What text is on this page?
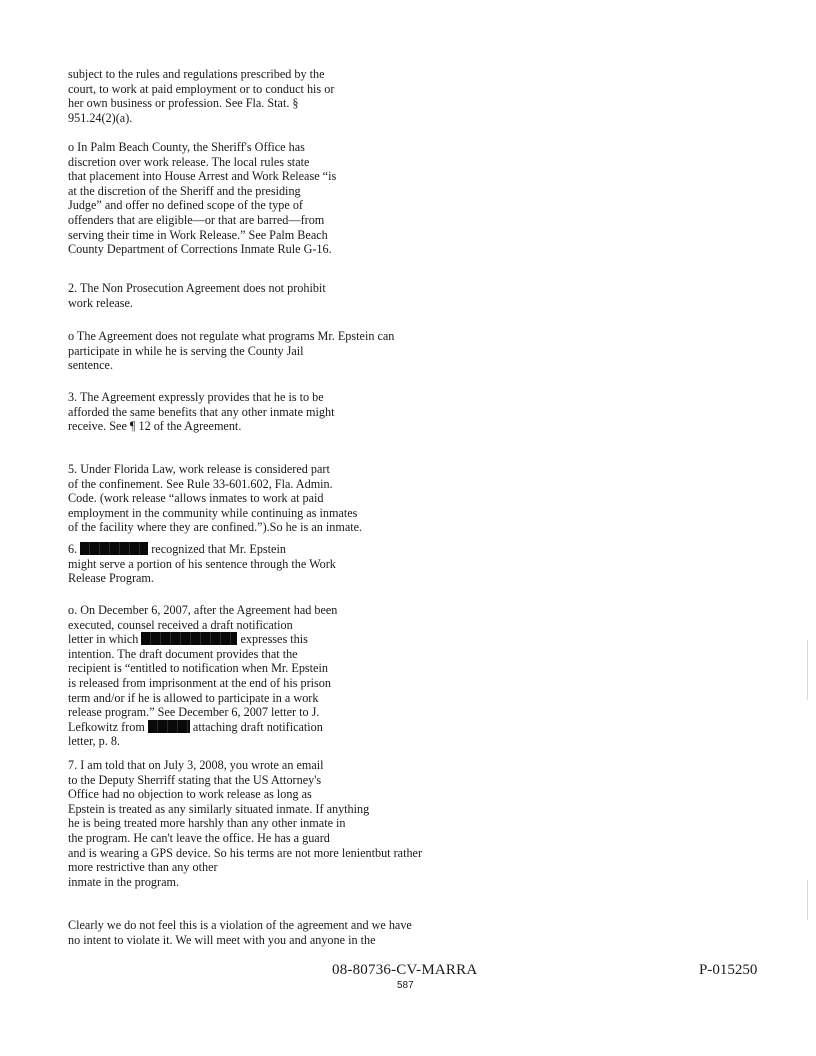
subject to the rules and regulations prescribed by the
court, to work at paid employment or to conduct his or
her own business or profession. See Fla. Stat. §
951.24(2)(a).
o In Palm Beach County, the Sheriff's Office has
discretion over work release. The local rules state
that placement into House Arrest and Work Release “is
at the discretion of the Sheriff and the presiding
Judge” and offer no defined scope of the type of
offenders that are eligible—or that are barred—from
serving their time in Work Release.” See Palm Beach
County Department of Corrections Inmate Rule G-16.
2. The Non Prosecution Agreement does not prohibit
work release.
o The Agreement does not regulate what programs Mr. Epstein can
participate in while he is serving the County Jail
sentence.
3. The Agreement expressly provides that he is to be
afforded the same benefits that any other inmate might
receive. See ¶ 12 of the Agreement.
5. Under Florida Law, work release is considered part
of the confinement. See Rule 33-601.602, Fla. Admin.
Code. (work release “allows inmates to work at paid
employment in the community while continuing as inmates
of the facility where they are confined.”).So he is an inmate.
6.	recognized that Mr. Epstein
might serve a portion of his sentence through the Work
Release Program.
o. On December 6, 2007, after the Agreement had been
executed, counsel received a draft notification
letter in which	expresses this
intention. The draft document provides that the
recipient is “entitled to notification when Mr. Epstein
is released from imprisonment at the end of his prison
term and/or if he is allowed to participate in a work
release program.” See December 6, 2007 letter to J.
Lefkowitz from	attaching draft notification
letter, p. 8.
7. I am told that on July 3, 2008, you wrote an email
to the Deputy Sherriff stating that the US Attorney's
Office had no objection to work release as long as
Epstein is treated as any similarly situated inmate. If anything
he is being treated more harshly than any other inmate in
the program. He can't leave the office. He has a guard
and is wearing a GPS device. So his terms are not more lenientbut rather
more restrictive than any other
inmate in the program.
Clearly we do not feel this is a violation of the agreement and we have
no intent to violate it. We will meet with you and anyone in the
08-80736-CV-MARRA
587
P-015250
